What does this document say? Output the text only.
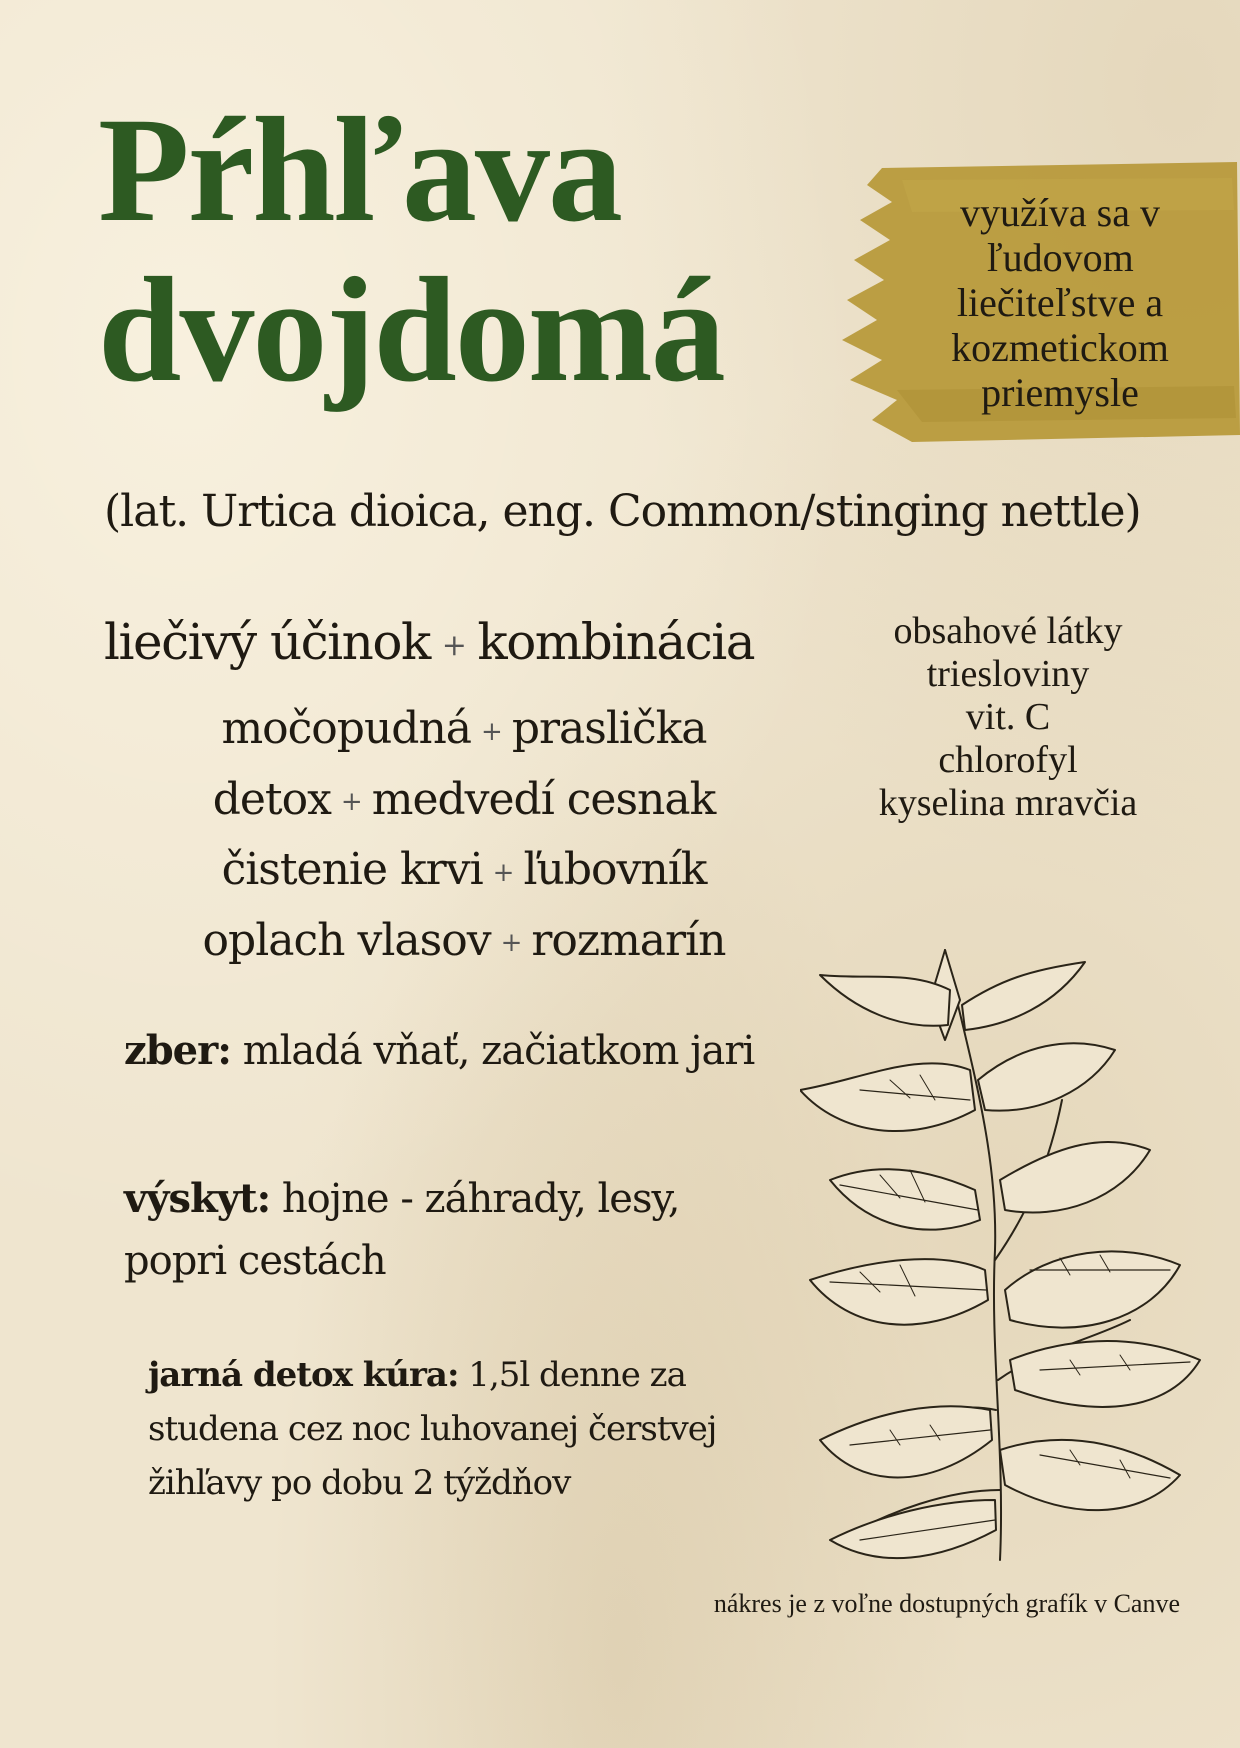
Pŕhľava
dvojdomá
využíva sa v
ľudovom
liečiteľstve a
kozmetickom
priemysle

(lat. Urtica dioica, eng. Common/stinging nettle)

liečivý účinok + kombinácia
močopudná + praslička
detox + medvedí cesnak
čistenie krvi + ľubovník
oplach vlasov + rozmarín
obsahové látky
triesloviny
vit. C
chlorofyl
kyselina mravčia

zber: mladá vňať, začiatkom jari

výskyt: hojne - záhrady, lesy, popri cestách

jarná detox kúra: 1,5l denne za studena cez noc luhovanej čerstvej žihľavy po dobu 2 týždňov

nákres je z voľne dostupných grafík v Canve
